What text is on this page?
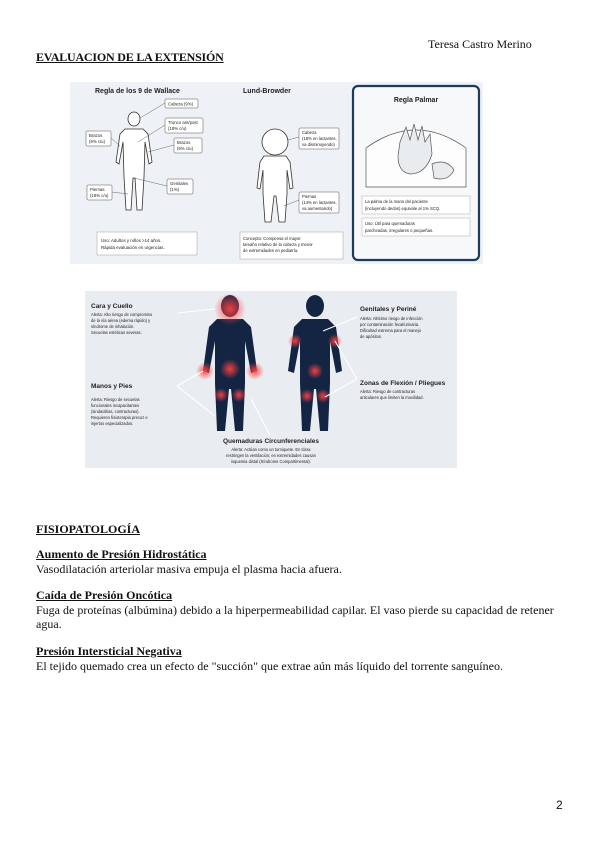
Teresa Castro Merino
EVALUACION DE LA EXTENSIÓN
Regla de los 9 de Wallace
Cabeza (9%)
Tronco ant/post
(18% c/u)
Brazos
(9% c/u)
Brazos
(9% c/u)
Genitales
(1%)
Piernas
(18% c/u)
Uso: Adultos y niños >14 años.
Rápida evaluación en urgencias.
Lund-Browder
Cabeza
(18% en lactantes,
va disminuyendo)
Piernas
(14% en lactantes,
va aumentando)
Concepto: Compensa el mayor
tamaño relativo de la cabeza y menor
de extremidades en pediatría.
Regla Palmar
La palma de la mano del paciente
(incluyendo dedos) equivale al 1% SCQ.
Uso: Útil para quemaduras
parcheadas, irregulares o pequeñas.
Cara y Cuello
Alerta: Alto riesgo de compromiso
de la vía aérea (edema rápido) y
síndrome de inhalación.
Secuelas estéticas severas.
Manos y Pies
Alerta: Riesgo de secuelas
funcionales incapacitantes
(sindactilias, contracturas).
Requieren fisioterapia precoz e
injertos especializados.
Genitales y Periné
Alerta: Altísimo riesgo de infección
por contaminación fecal/urinaria.
Dificultad extrema para el manejo
de apósitos.
Zonas de Flexión / Pliegues
Alerta: Riesgo de contracturas
articulares que limiten la movilidad.
Quemaduras Circunferenciales
Alerta: Actúan como un torniquete. En tórax
restringen la ventilación; en extremidades causan
isquemia distal (Síndrome Compartimental).
FISIOPATOLOGÍA
Aumento de Presión Hidrostática
Vasodilatación arteriolar masiva empuja el plasma hacia afuera.
Caída de Presión Oncótica
Fuga de proteínas (albúmina) debido a la hiperpermeabilidad capilar. El vaso pierde su capacidad de retener agua.
Presión Intersticial Negativa
El tejido quemado crea un efecto de "succión" que extrae aún más líquido del torrente sanguíneo.
2
